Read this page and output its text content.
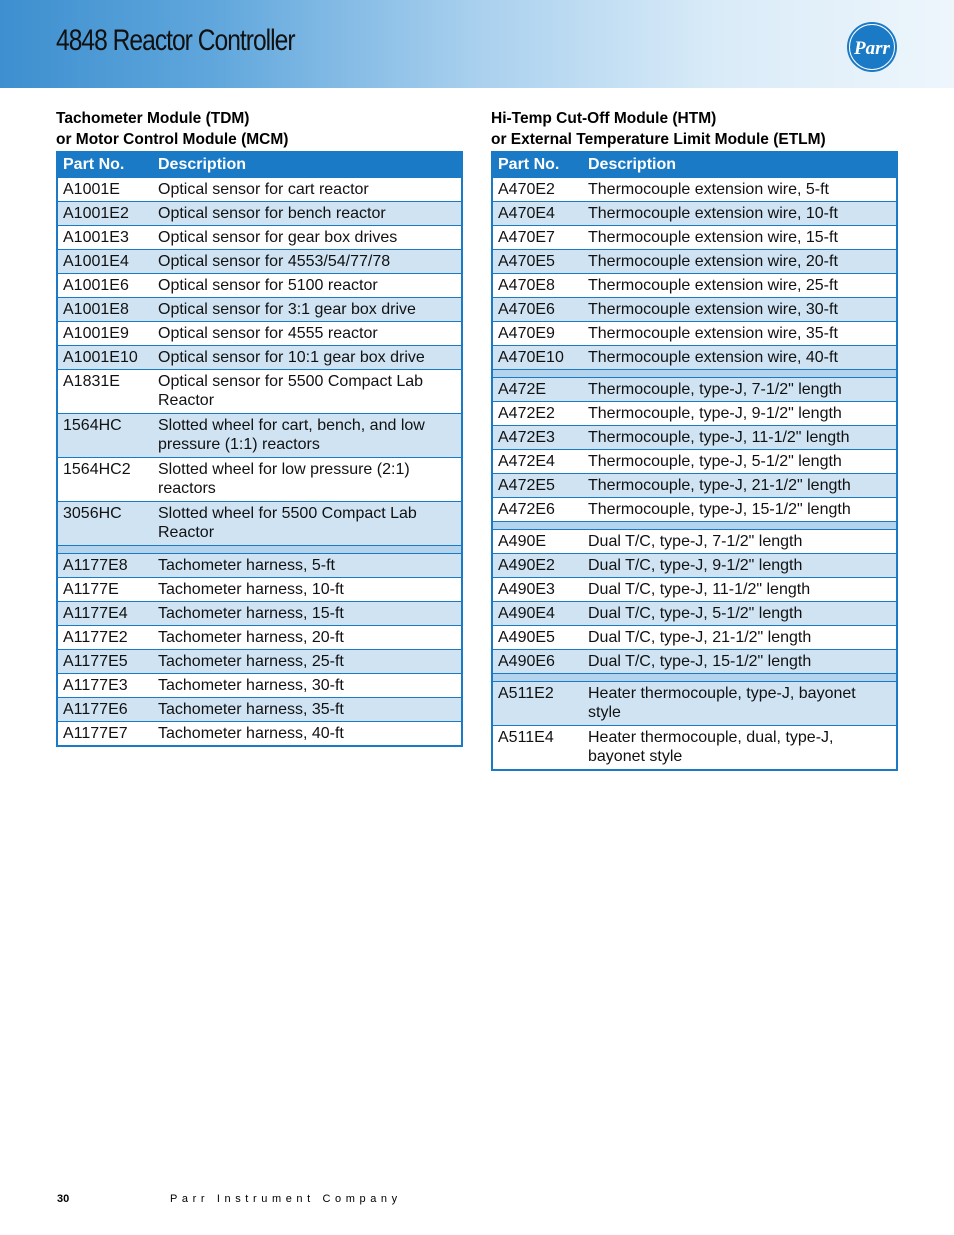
4848 Reactor Controller	Parr
Tachometer Module (TDM)
or Motor Control Module (MCM)
Part No.	Description
A1001E	Optical sensor for cart reactor
A1001E2	Optical sensor for bench reactor
A1001E3	Optical sensor for gear box drives
A1001E4	Optical sensor for 4553/54/77/78
A1001E6	Optical sensor for 5100 reactor
A1001E8	Optical sensor for 3:1 gear box drive
A1001E9	Optical sensor for 4555 reactor
A1001E10	Optical sensor for 10:1 gear box drive
A1831E	Optical sensor for 5500 Compact Lab Reactor
1564HC	Slotted wheel for cart, bench, and low pressure (1:1) reactors
1564HC2	Slotted wheel for low pressure (2:1) reactors
3056HC	Slotted wheel for 5500 Compact Lab Reactor
A1177E8	Tachometer harness, 5-ft
A1177E	Tachometer harness, 10-ft
A1177E4	Tachometer harness, 15-ft
A1177E2	Tachometer harness, 20-ft
A1177E5	Tachometer harness, 25-ft
A1177E3	Tachometer harness, 30-ft
A1177E6	Tachometer harness, 35-ft
A1177E7	Tachometer harness, 40-ft
Hi-Temp Cut-Off Module (HTM)
or External Temperature Limit Module (ETLM)
Part No.	Description
A470E2	Thermocouple extension wire, 5-ft
A470E4	Thermocouple extension wire, 10-ft
A470E7	Thermocouple extension wire, 15-ft
A470E5	Thermocouple extension wire, 20-ft
A470E8	Thermocouple extension wire, 25-ft
A470E6	Thermocouple extension wire, 30-ft
A470E9	Thermocouple extension wire, 35-ft
A470E10	Thermocouple extension wire, 40-ft
A472E	Thermocouple, type-J, 7-1/2" length
A472E2	Thermocouple, type-J, 9-1/2" length
A472E3	Thermocouple, type-J, 11-1/2" length
A472E4	Thermocouple, type-J, 5-1/2" length
A472E5	Thermocouple, type-J, 21-1/2" length
A472E6	Thermocouple, type-J, 15-1/2" length
A490E	Dual T/C, type-J, 7-1/2" length
A490E2	Dual T/C, type-J, 9-1/2" length
A490E3	Dual T/C, type-J, 11-1/2" length
A490E4	Dual T/C, type-J, 5-1/2" length
A490E5	Dual T/C, type-J, 21-1/2" length
A490E6	Dual T/C, type-J, 15-1/2" length
A511E2	Heater thermocouple, type-J, bayonet style
A511E4	Heater thermocouple, dual, type-J, bayonet style
30	Parr Instrument Company
